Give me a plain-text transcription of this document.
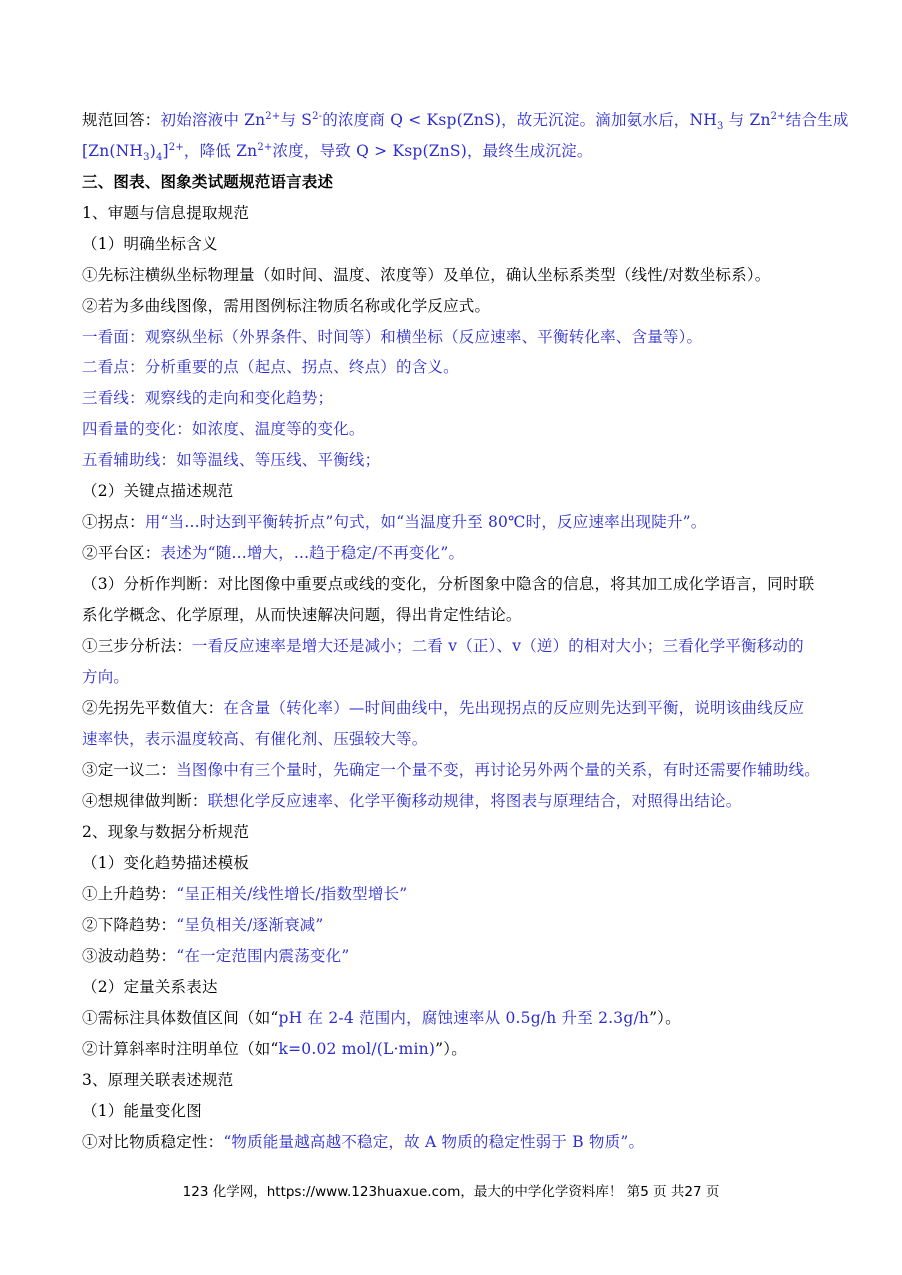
规范回答：初始溶液中 $Zn^{2+}$与 $S^{2-}$的浓度商 Q < Ksp(ZnS)，故无沉淀。滴加氨水后，$NH_3$ 与 $Zn^{2+}$结合生成
$[Zn(NH_3)_4]^{2+}$，降低 $Zn^{2+}$浓度，导致 Q > Ksp(ZnS)，最终生成沉淀。
三、图表、图象类试题规范语言表述
1、审题与信息提取规范
（1）明确坐标含义
①先标注横纵坐标物理量（如时间、温度、浓度等）及单位，确认坐标系类型（线性/对数坐标系）。
②若为多曲线图像，需用图例标注物质名称或化学反应式。
一看面：观察纵坐标（外界条件、时间等）和横坐标（反应速率、平衡转化率、含量等）。
二看点：分析重要的点（起点、拐点、终点）的含义。
三看线：观察线的走向和变化趋势；
四看量的变化：如浓度、温度等的变化。
五看辅助线：如等温线、等压线、平衡线；
（2）关键点描述规范
①拐点：用“当...时达到平衡转折点”句式，如“当温度升至 80℃时，反应速率出现陡升”。
②平台区：表述为“随...增大，...趋于稳定/不再变化”。
（3）分析作判断：对比图像中重要点或线的变化，分析图象中隐含的信息，将其加工成化学语言，同时联
系化学概念、化学原理，从而快速解决问题，得出肯定性结论。
①三步分析法：一看反应速率是增大还是减小；二看 v（正）、v（逆）的相对大小；三看化学平衡移动的
方向。
②先拐先平数值大：在含量（转化率）—时间曲线中，先出现拐点的反应则先达到平衡，说明该曲线反应
速率快，表示温度较高、有催化剂、压强较大等。
③定一议二：当图像中有三个量时，先确定一个量不变，再讨论另外两个量的关系，有时还需要作辅助线。
④想规律做判断：联想化学反应速率、化学平衡移动规律，将图表与原理结合，对照得出结论。
2、现象与数据分析规范
（1）变化趋势描述模板
①上升趋势：“呈正相关/线性增长/指数型增长”
②下降趋势：“呈负相关/逐渐衰减”
③波动趋势：“在一定范围内震荡变化”
（2）定量关系表达
①需标注具体数值区间（如“pH 在 2-4 范围内，腐蚀速率从 0.5g/h 升至 2.3g/h”）。
②计算斜率时注明单位（如“k=0.02 mol/(L·min)”）。
3、原理关联表述规范
（1）能量变化图
①对比物质稳定性：“物质能量越高越不稳定，故 A 物质的稳定性弱于 B 物质”。
123 化学网，https://www.123huaxue.com，最大的中学化学资料库！ 第5 页 共27 页
